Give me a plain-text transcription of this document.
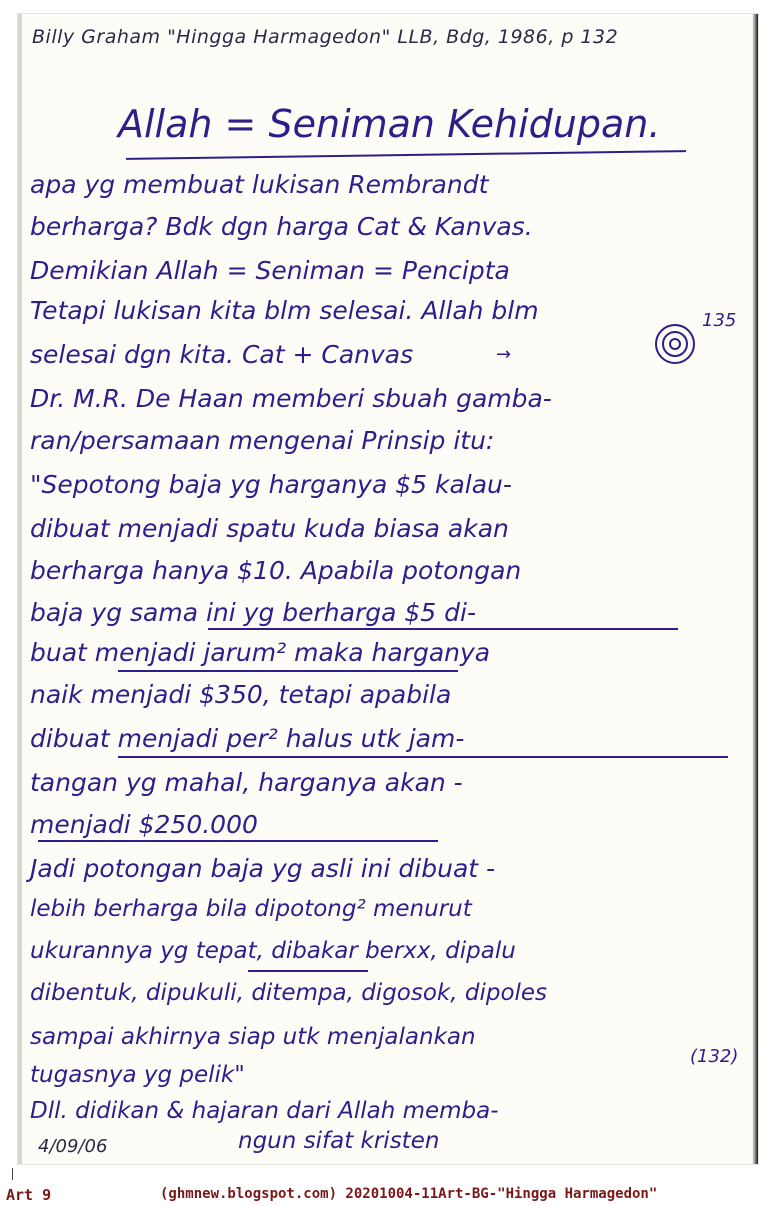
Billy Graham "Hingga Harmagedon" LLB, Bdg, 1986, p 132
Allah = Seniman Kehidupan.
apa yg membuat lukisan Rembrandt
berharga? Bdk dgn harga Cat & Kanvas.
Demikian Allah = Seniman = Pencipta
Tetapi lukisan kita blm selesai. Allah blm
selesai dgn kita. Cat + Canvas	→
135
Dr. M.R. De Haan memberi sbuah gamba-
ran/persamaan mengenai Prinsip itu:
"Sepotong baja yg harganya $5 kalau-
dibuat menjadi spatu kuda biasa akan
berharga hanya $10. Apabila potongan
baja yg sama ini yg berharga $5 di-
buat menjadi jarum² maka harganya
naik menjadi $350, tetapi apabila
dibuat menjadi per² halus utk jam-
tangan yg mahal, harganya akan -
menjadi $250.000
Jadi potongan baja yg asli ini dibuat -
lebih berharga bila dipotong² menurut
ukurannya yg tepat, dibakar berxx, dipalu
dibentuk, dipukuli, ditempa, digosok, dipoles
sampai akhirnya siap utk menjalankan
tugasnya yg pelik"
(132)
Dll. didikan & hajaran dari Allah memba-
ngun sifat kristen
4/09/06
Art 9	(ghmnew.blogspot.com) 20201004-11Art-BG-"Hingga Harmagedon"
